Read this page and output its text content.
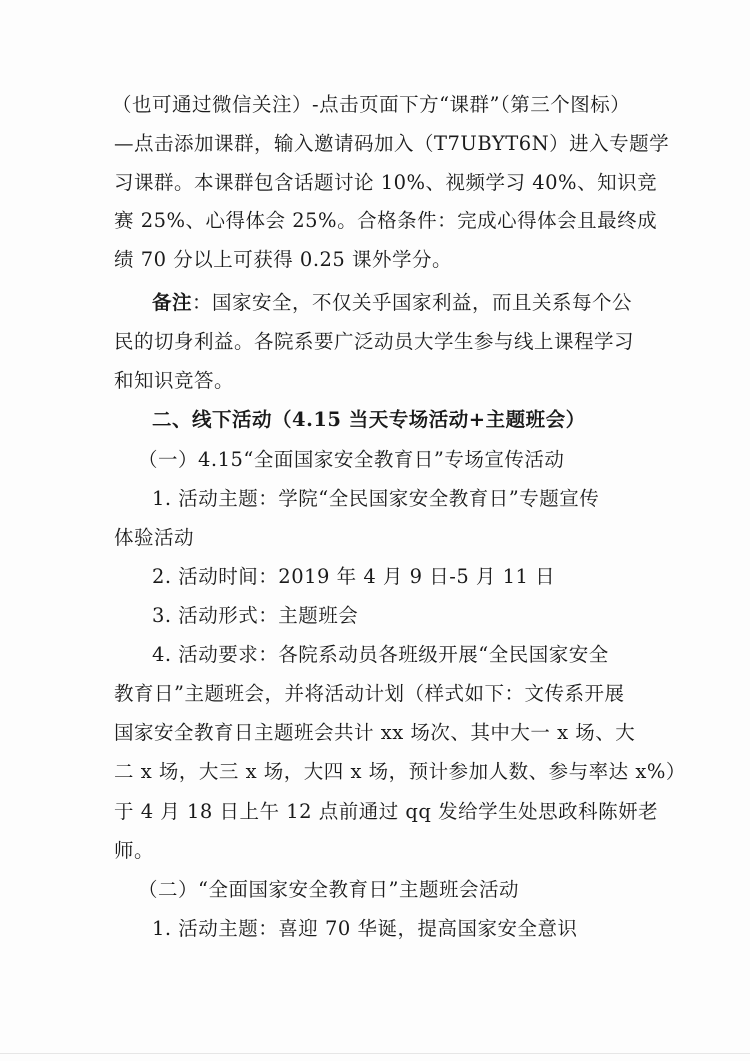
（也可通过微信关注）-点击页面下方“课群”（第三个图标）
—点击添加课群，输入邀请码加入（T7UBYT6N）进入专题学
习课群。本课群包含话题讨论 10%、视频学习 40%、知识竞
赛 25%、心得体会 25%。合格条件：完成心得体会且最终成
绩 70 分以上可获得 0.25 课外学分。
备注：国家安全，不仅关乎国家利益，而且关系每个公
民的切身利益。各院系要广泛动员大学生参与线上课程学习
和知识竞答。
二、线下活动（4.15 当天专场活动+主题班会）
（一）4.15“全面国家安全教育日”专场宣传活动
1. 活动主题：学院“全民国家安全教育日”专题宣传
体验活动
2. 活动时间：2019 年 4 月 9 日-5 月 11 日
3. 活动形式：主题班会
4. 活动要求：各院系动员各班级开展“全民国家安全
教育日”主题班会，并将活动计划（样式如下：文传系开展
国家安全教育日主题班会共计 xx 场次、其中大一 x 场、大
二 x 场，大三 x 场，大四 x 场，预计参加人数、参与率达 x%）
于 4 月 18 日上午 12 点前通过 qq 发给学生处思政科陈妍老
师。
（二）“全面国家安全教育日”主题班会活动
1. 活动主题：喜迎 70 华诞，提高国家安全意识
